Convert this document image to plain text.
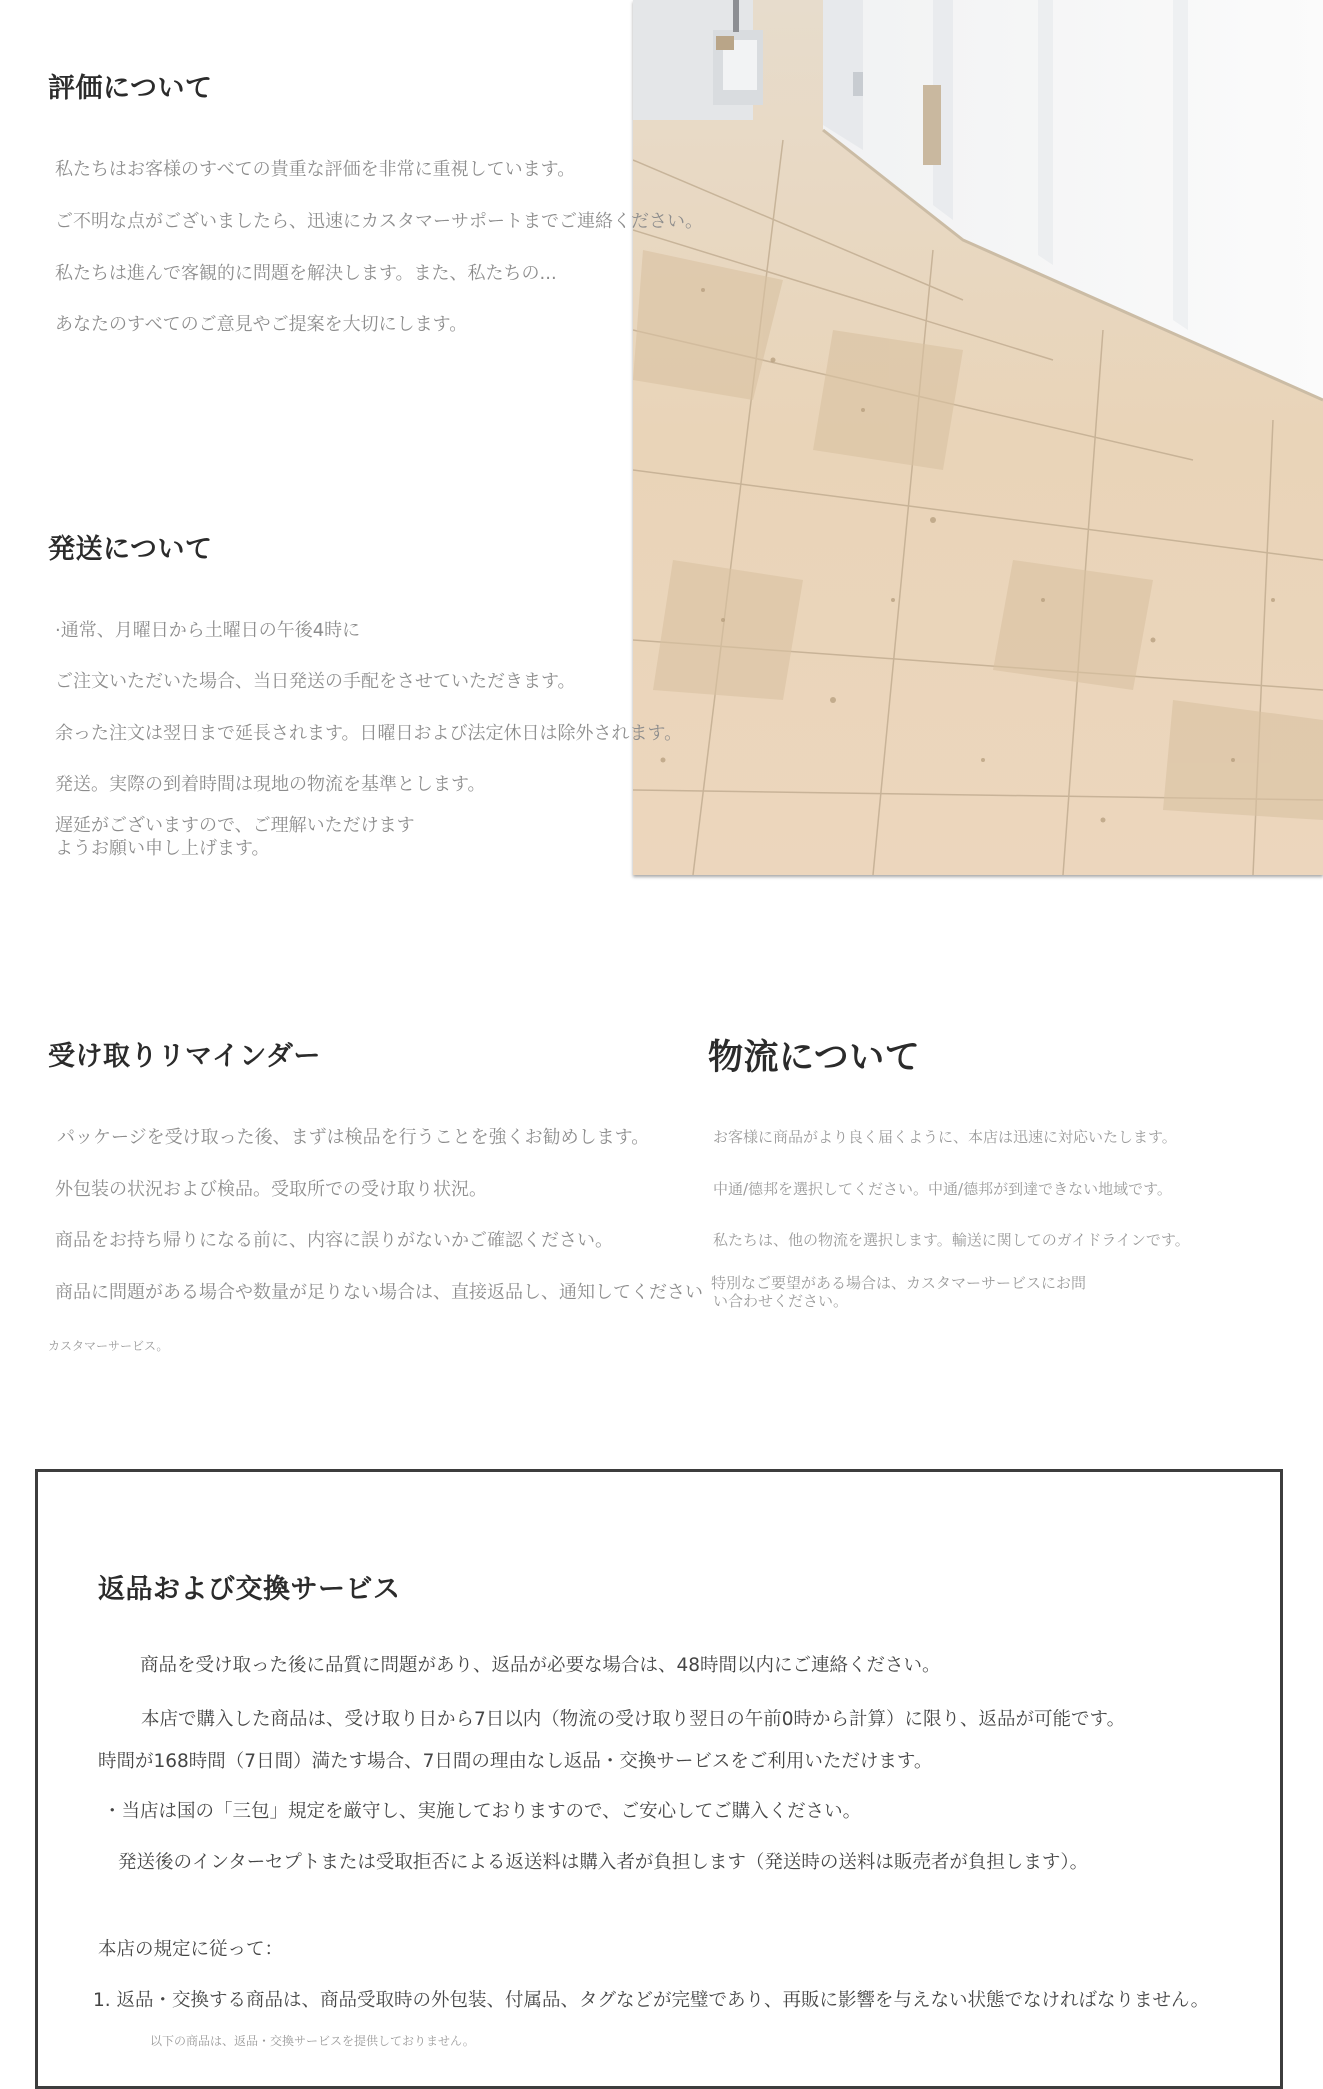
評価について
私たちはお客様のすべての貴重な評価を非常に重視しています。
ご不明な点がございましたら、迅速にカスタマーサポートまでご連絡ください。
私たちは進んで客観的に問題を解決します。また、私たちの...
あなたのすべてのご意見やご提案を大切にします。
発送について
·通常、月曜日から土曜日の午後4時に
ご注文いただいた場合、当日発送の手配をさせていただきます。
余った注文は翌日まで延長されます。日曜日および法定休日は除外されます。
発送。実際の到着時間は現地の物流を基準とします。
遅延がございますので、ご理解いただけます
ようお願い申し上げます。
受け取りリマインダー
パッケージを受け取った後、まずは検品を行うことを強くお勧めします。
外包装の状況および検品。受取所での受け取り状況。
商品をお持ち帰りになる前に、内容に誤りがないかご確認ください。
商品に問題がある場合や数量が足りない場合は、直接返品し、通知してください
カスタマーサービス。
物流について
お客様に商品がより良く届くように、本店は迅速に対応いたします。
中通/德邦を選択してください。中通/德邦が到達できない地域です。
私たちは、他の物流を選択します。輸送に関してのガイドラインです。
特別なご要望がある場合は、カスタマーサービスにお問
い合わせください。
返品および交換サービス
商品を受け取った後に品質に問題があり、返品が必要な場合は、48時間以内にご連絡ください。
本店で購入した商品は、受け取り日から7日以内（物流の受け取り翌日の午前0時から計算）に限り、返品が可能です。
時間が168時間（7日間）満たす場合、7日間の理由なし返品・交換サービスをご利用いただけます。
・当店は国の「三包」規定を厳守し、実施しておりますので、ご安心してご購入ください。
発送後のインターセプトまたは受取拒否による返送料は購入者が負担します（発送時の送料は販売者が負担します）。
本店の規定に従って：
1. 返品・交換する商品は、商品受取時の外包装、付属品、タグなどが完璧であり、再販に影響を与えない状態でなければなりません。
以下の商品は、返品・交換サービスを提供しておりません。
